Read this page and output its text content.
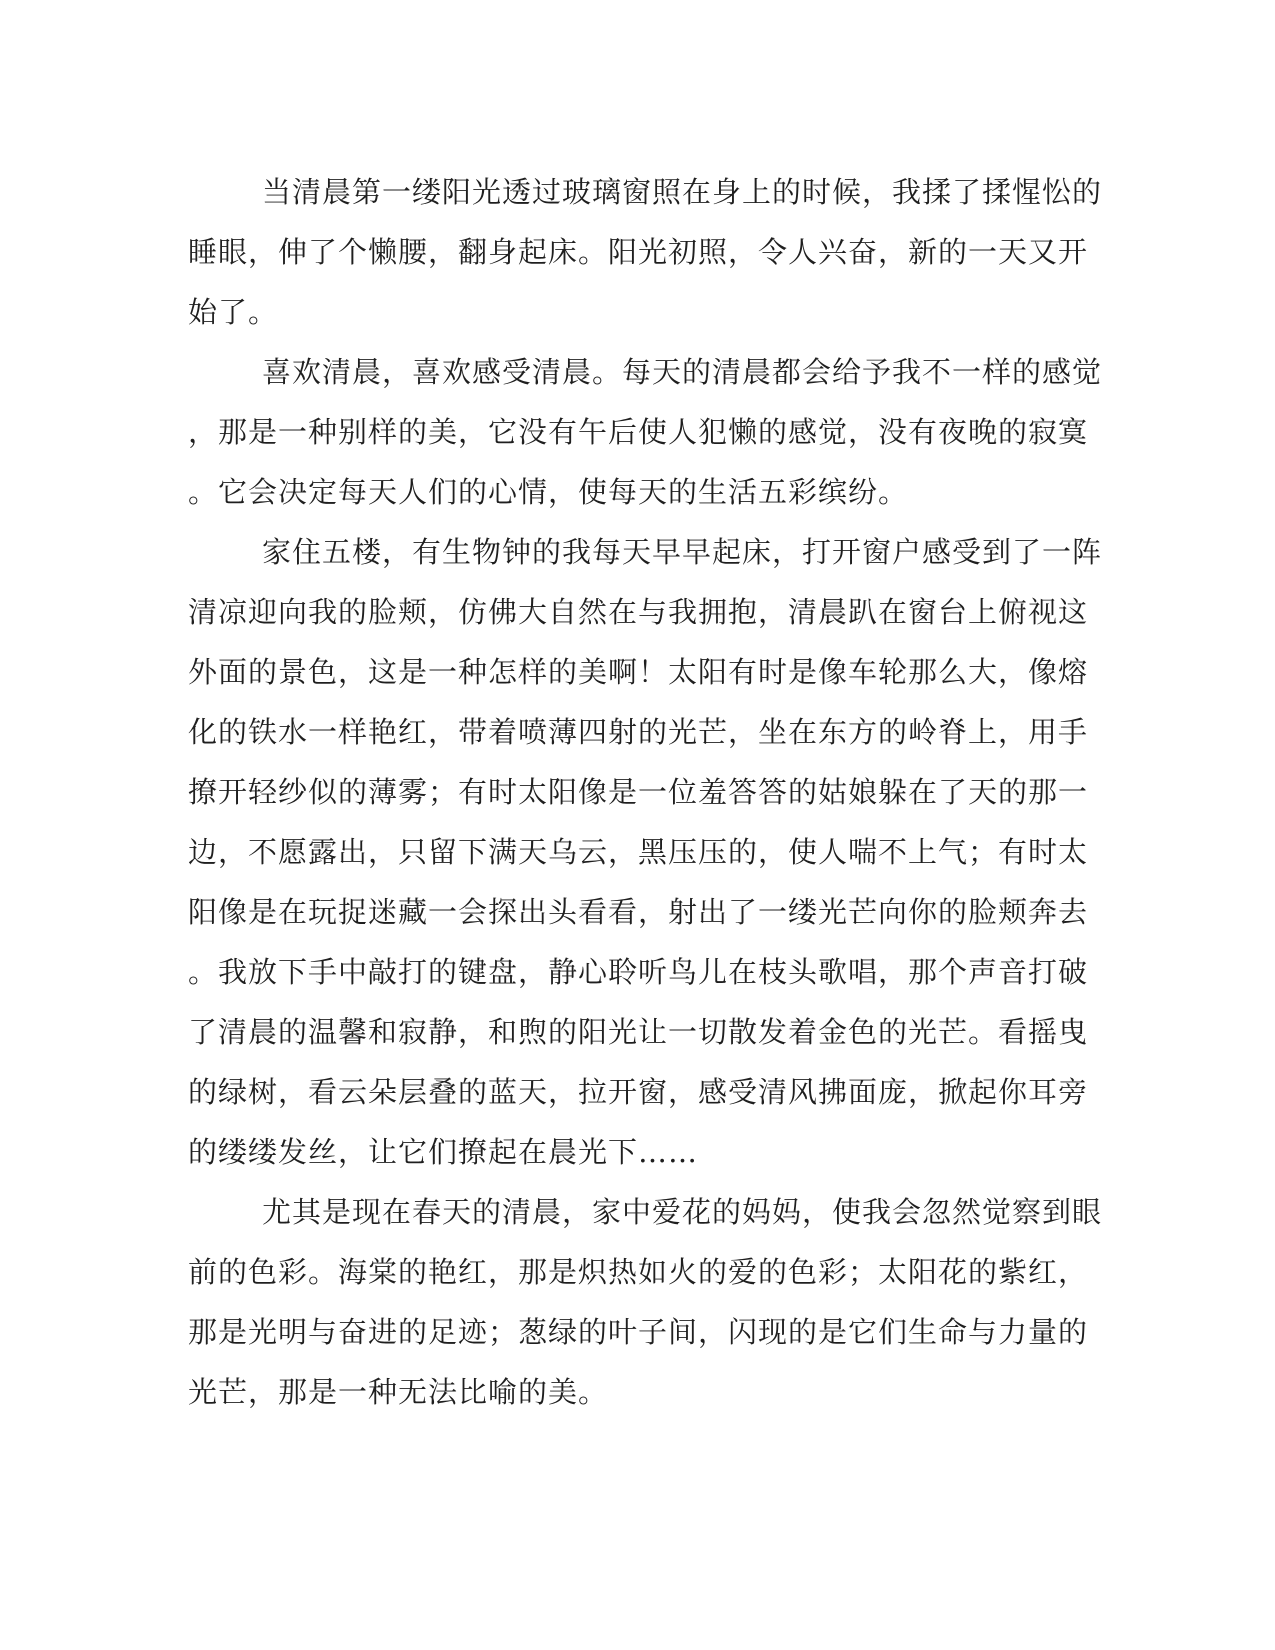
当清晨第一缕阳光透过玻璃窗照在身上的时候，我揉了揉惺忪的
睡眼，伸了个懒腰，翻身起床。阳光初照，令人兴奋，新的一天又开
始了。
喜欢清晨，喜欢感受清晨。每天的清晨都会给予我不一样的感觉
，那是一种别样的美，它没有午后使人犯懒的感觉，没有夜晚的寂寞
。它会决定每天人们的心情，使每天的生活五彩缤纷。
家住五楼，有生物钟的我每天早早起床，打开窗户感受到了一阵
清凉迎向我的脸颊，仿佛大自然在与我拥抱，清晨趴在窗台上俯视这
外面的景色，这是一种怎样的美啊！太阳有时是像车轮那么大，像熔
化的铁水一样艳红，带着喷薄四射的光芒，坐在东方的岭脊上，用手
撩开轻纱似的薄雾；有时太阳像是一位羞答答的姑娘躲在了天的那一
边，不愿露出，只留下满天乌云，黑压压的，使人喘不上气；有时太
阳像是在玩捉迷藏一会探出头看看，射出了一缕光芒向你的脸颊奔去
。我放下手中敲打的键盘，静心聆听鸟儿在枝头歌唱，那个声音打破
了清晨的温馨和寂静，和煦的阳光让一切散发着金色的光芒。看摇曳
的绿树，看云朵层叠的蓝天，拉开窗，感受清风拂面庞，掀起你耳旁
的缕缕发丝，让它们撩起在晨光下……
尤其是现在春天的清晨，家中爱花的妈妈，使我会忽然觉察到眼
前的色彩。海棠的艳红，那是炽热如火的爱的色彩；太阳花的紫红，
那是光明与奋进的足迹；葱绿的叶子间，闪现的是它们生命与力量的
光芒，那是一种无法比喻的美。
